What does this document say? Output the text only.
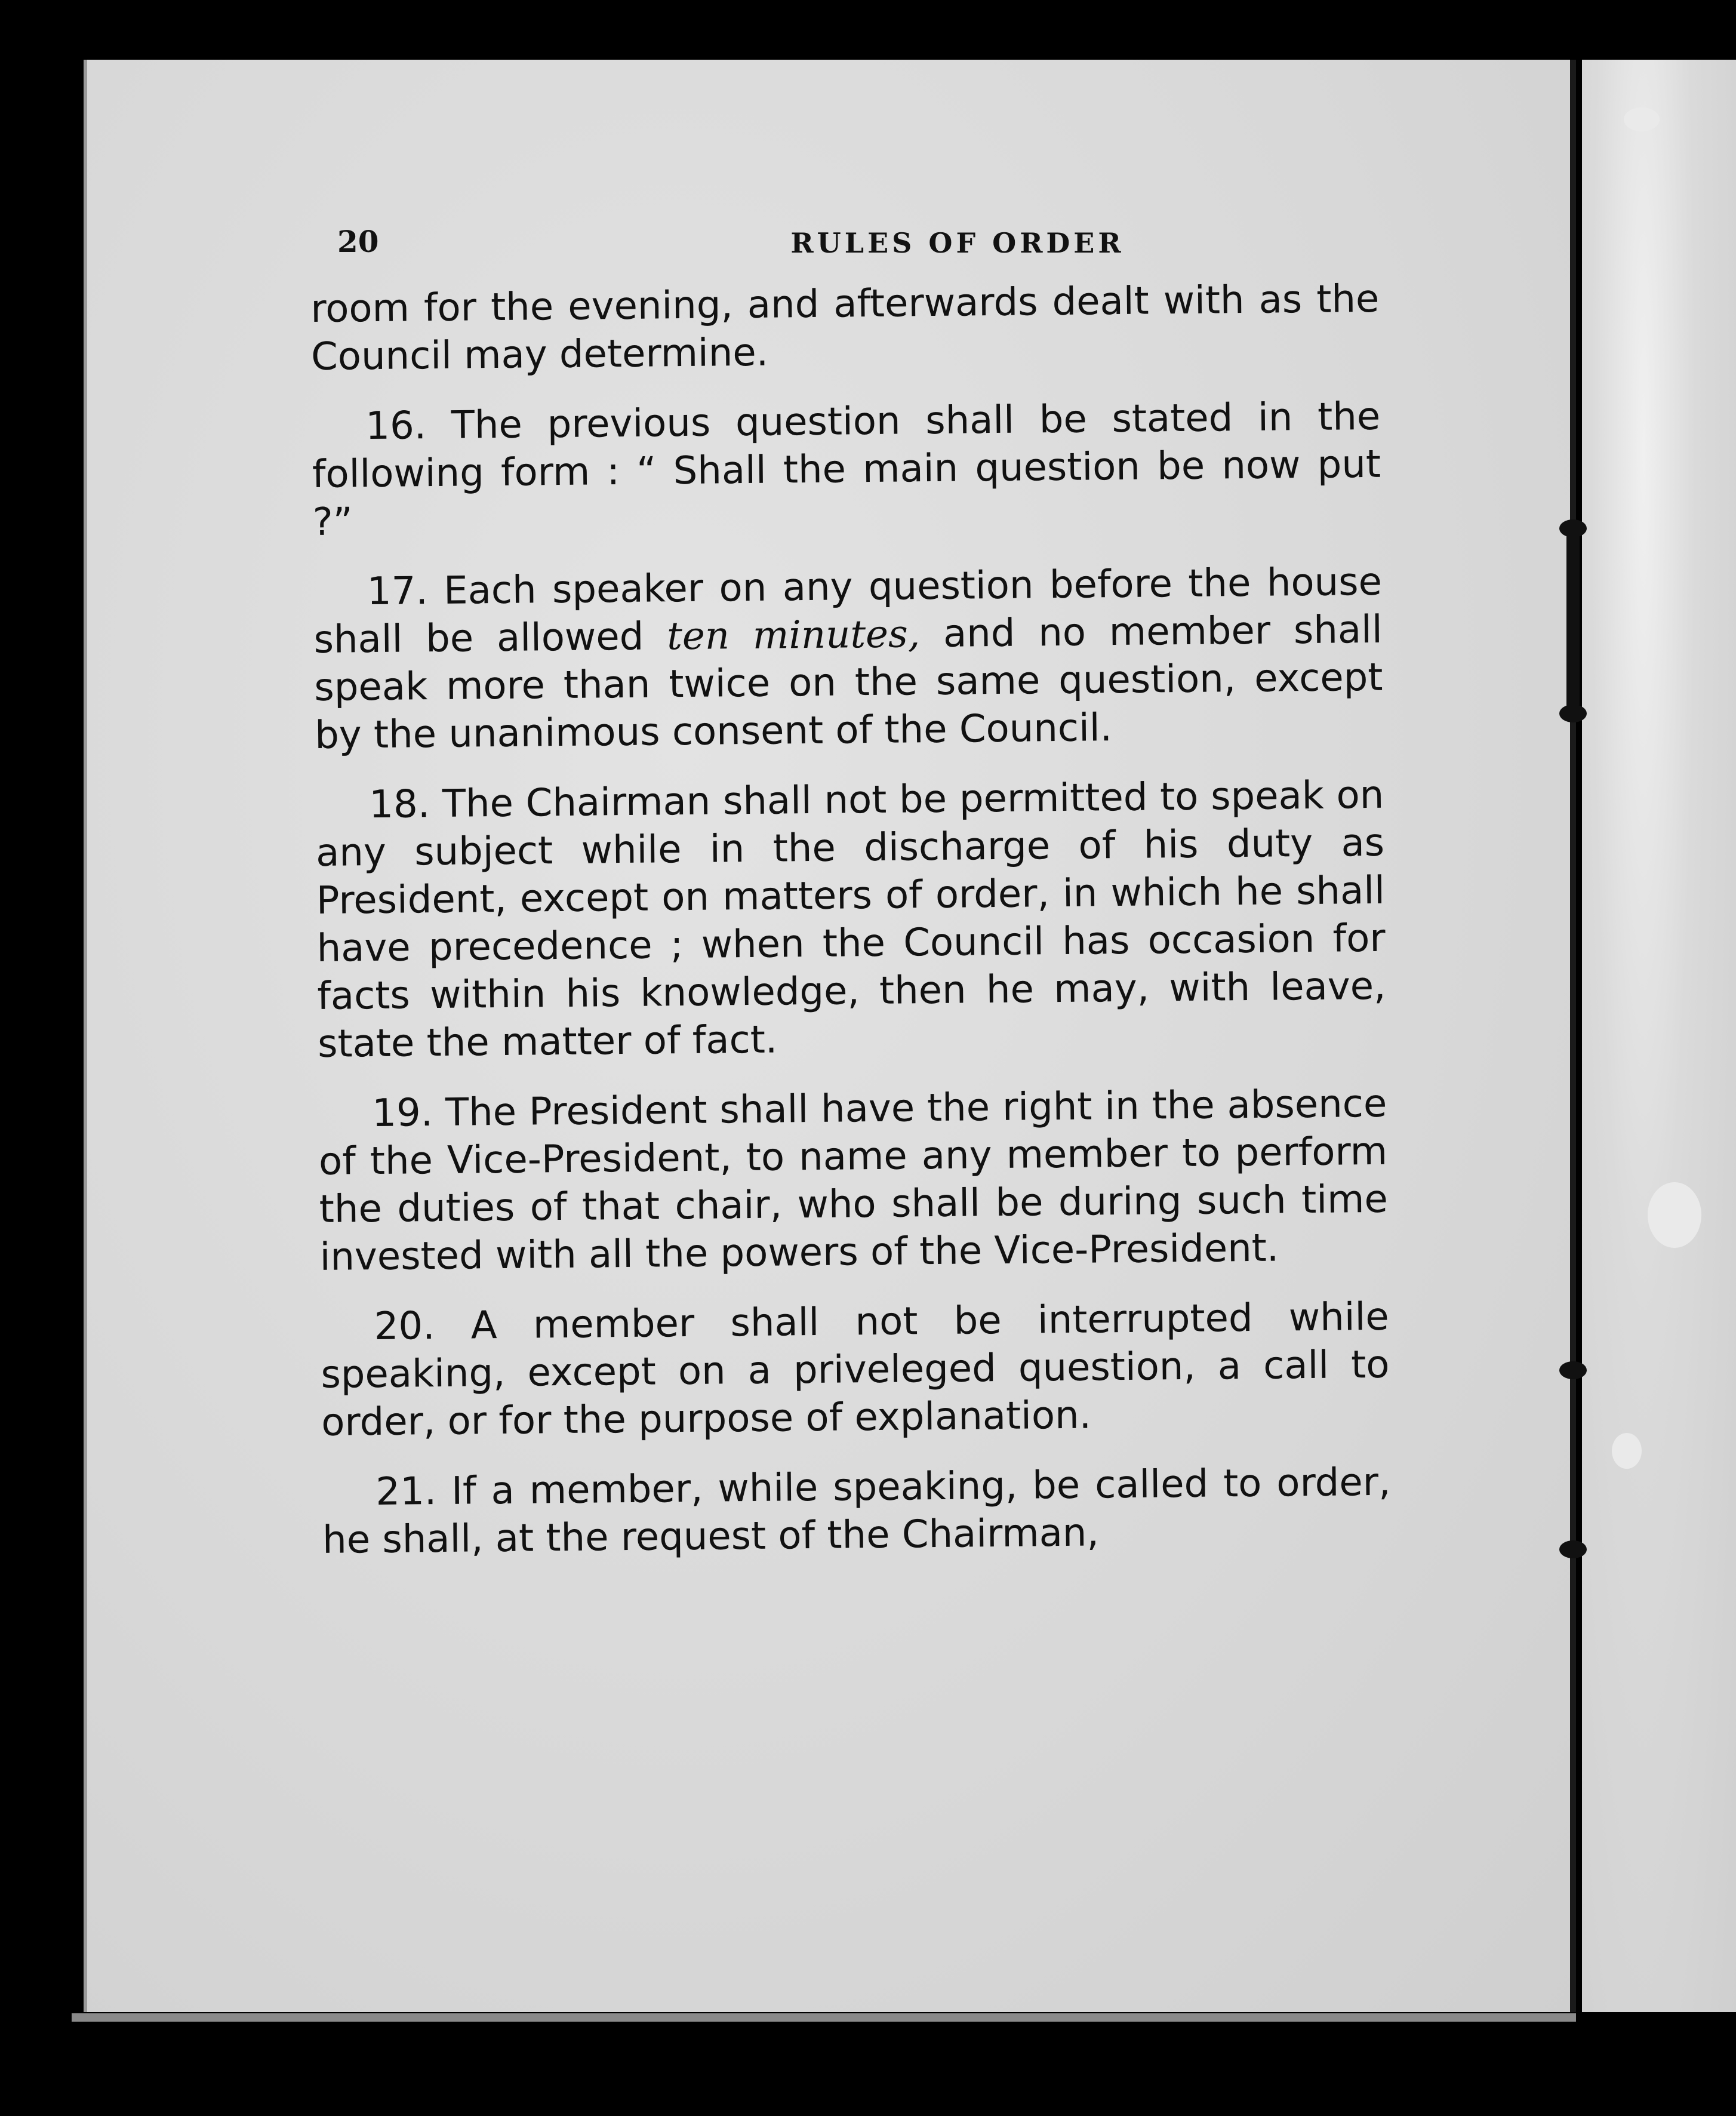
20	RULES OF ORDER

room for the evening, and afterwards dealt with as the Council may determine.

16. The previous question shall be stated in the following form : “ Shall the main question be now put ?”

17. Each speaker on any question before the house shall be allowed ten minutes, and no member shall speak more than twice on the same question, except by the unanimous consent of the Council.

18. The Chairman shall not be permitted to speak on any subject while in the discharge of his duty as President, except on matters of order, in which he shall have precedence ; when the Council has occasion for facts within his knowledge, then he may, with leave, state the matter of fact.

19. The President shall have the right in the absence of the Vice-President, to name any member to perform the duties of that chair, who shall be during such time invested with all the powers of the Vice-President.

20. A member shall not be interrupted while speaking, except on a priveleged question, a call to order, or for the purpose of explanation.

21. If a member, while speaking, be called to order, he shall, at the request of the Chairman,
